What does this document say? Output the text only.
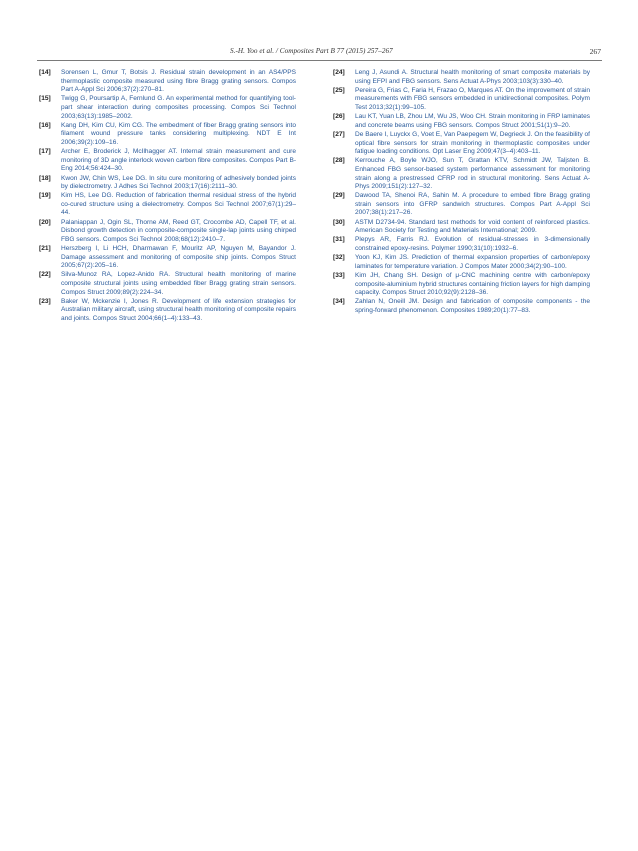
S.-H. Yoo et al. / Composites Part B 77 (2015) 257–267	267
[14] Sorensen L, Gmur T, Botsis J. Residual strain development in an AS4/PPS thermoplastic composite measured using fibre Bragg grating sensors. Compos Part A-Appl Sci 2006;37(2):270–81.
[15] Twigg G, Poursartip A, Fernlund G. An experimental method for quantifying tool-part shear interaction during composites processing. Compos Sci Technol 2003;63(13):1985–2002.
[16] Kang DH, Kim CU, Kim CG. The embedment of fiber Bragg grating sensors into filament wound pressure tanks considering multiplexing. NDT E Int 2006;39(2):109–16.
[17] Archer E, Broderick J, McIlhagger AT. Internal strain measurement and cure monitoring of 3D angle interlock woven carbon fibre composites. Compos Part B-Eng 2014;56:424–30.
[18] Kwon JW, Chin WS, Lee DG. In situ cure monitoring of adhesively bonded joints by dielectrometry. J Adhes Sci Technol 2003;17(16):2111–30.
[19] Kim HS, Lee DG. Reduction of fabrication thermal residual stress of the hybrid co-cured structure using a dielectrometry. Compos Sci Technol 2007;67(1):29–44.
[20] Palaniappan J, Ogin SL, Thorne AM, Reed GT, Crocombe AD, Capell TF, et al. Disbond growth detection in composite-composite single-lap joints using chirped FBG sensors. Compos Sci Technol 2008;68(12):2410–7.
[21] Herszberg I, Li HCH, Dharmawan F, Mouritz AP, Nguyen M, Bayandor J. Damage assessment and monitoring of composite ship joints. Compos Struct 2005;67(2):205–16.
[22] Silva-Munoz RA, Lopez-Anido RA. Structural health monitoring of marine composite structural joints using embedded fiber Bragg grating strain sensors. Compos Struct 2009;89(2):224–34.
[23] Baker W, Mckenzie I, Jones R. Development of life extension strategies for Australian military aircraft, using structural health monitoring of composite repairs and joints. Compos Struct 2004;66(1–4):133–43.
[24] Leng J, Asundi A. Structural health monitoring of smart composite materials by using EFPI and FBG sensors. Sens Actuat A-Phys 2003;103(3):330–40.
[25] Pereira G, Frias C, Faria H, Frazao O, Marques AT. On the improvement of strain measurements with FBG sensors embedded in unidirectional composites. Polym Test 2013;32(1):99–105.
[26] Lau KT, Yuan LB, Zhou LM, Wu JS, Woo CH. Strain monitoring in FRP laminates and concrete beams using FBG sensors. Compos Struct 2001;51(1):9–20.
[27] De Baere I, Luyckx G, Voet E, Van Paepegem W, Degrieck J. On the feasibility of optical fibre sensors for strain monitoring in thermoplastic composites under fatigue loading conditions. Opt Laser Eng 2009;47(3–4):403–11.
[28] Kerrouche A, Boyle WJO, Sun T, Grattan KTV, Schmidt JW, Taljsten B. Enhanced FBG sensor-based system performance assessment for monitoring strain along a prestressed CFRP rod in structural monitoring. Sens Actuat A-Phys 2009;151(2):127–32.
[29] Dawood TA, Shenoi RA, Sahin M. A procedure to embed fibre Bragg grating strain sensors into GFRP sandwich structures. Compos Part A-Appl Sci 2007;38(1):217–26.
[30] ASTM D2734-94. Standard test methods for void content of reinforced plastics. American Society for Testing and Materials International; 2009.
[31] Plepys AR, Farris RJ. Evolution of residual-stresses in 3-dimensionally constrained epoxy-resins. Polymer 1990;31(10):1932–6.
[32] Yoon KJ, Kim JS. Prediction of thermal expansion properties of carbon/epoxy laminates for temperature variation. J Compos Mater 2000;34(2):90–100.
[33] Kim JH, Chang SH. Design of μ-CNC machining centre with carbon/epoxy composite-aluminium hybrid structures containing friction layers for high damping capacity. Compos Struct 2010;92(9):2128–36.
[34] Zahlan N, Oneill JM. Design and fabrication of composite components - the spring-forward phenomenon. Composites 1989;20(1):77–83.
